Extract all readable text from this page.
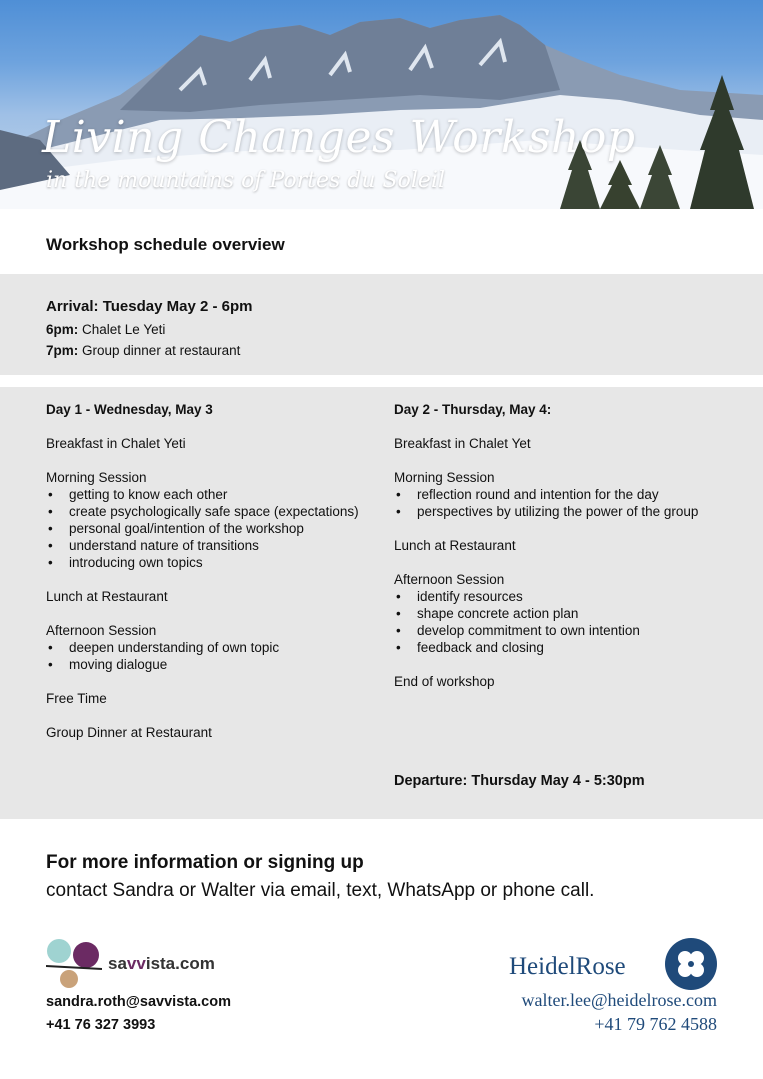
Living Changes Workshop
in the mountains of Portes du Soleil
Workshop schedule overview
Arrival: Tuesday May 2 - 6pm
6pm: Chalet Le Yeti
7pm: Group dinner at restaurant
Day 1 - Wednesday, May 3
Breakfast in Chalet Yeti
Morning Session
• getting to know each other
• create psychologically safe space (expectations)
• personal goal/intention of the workshop
• understand nature of transitions
• introducing own topics
Lunch at Restaurant
Afternoon Session
• deepen understanding of own topic
• moving dialogue
Free Time
Group Dinner at Restaurant
Day 2 - Thursday, May 4:
Breakfast in Chalet Yet
Morning Session
• reflection round and intention for the day
• perspectives by utilizing the power of the group
Lunch at Restaurant
Afternoon Session
• identify resources
• shape concrete action plan
• develop commitment to own intention
• feedback and closing
End of workshop
Departure: Thursday May 4 - 5:30pm
For more information or signing up
contact Sandra or Walter via email, text, WhatsApp or phone call.
savvista.com
sandra.roth@savvista.com
+41 76 327 3993
HeidelRose
walter.lee@heidelrose.com
+41 79 762 4588
